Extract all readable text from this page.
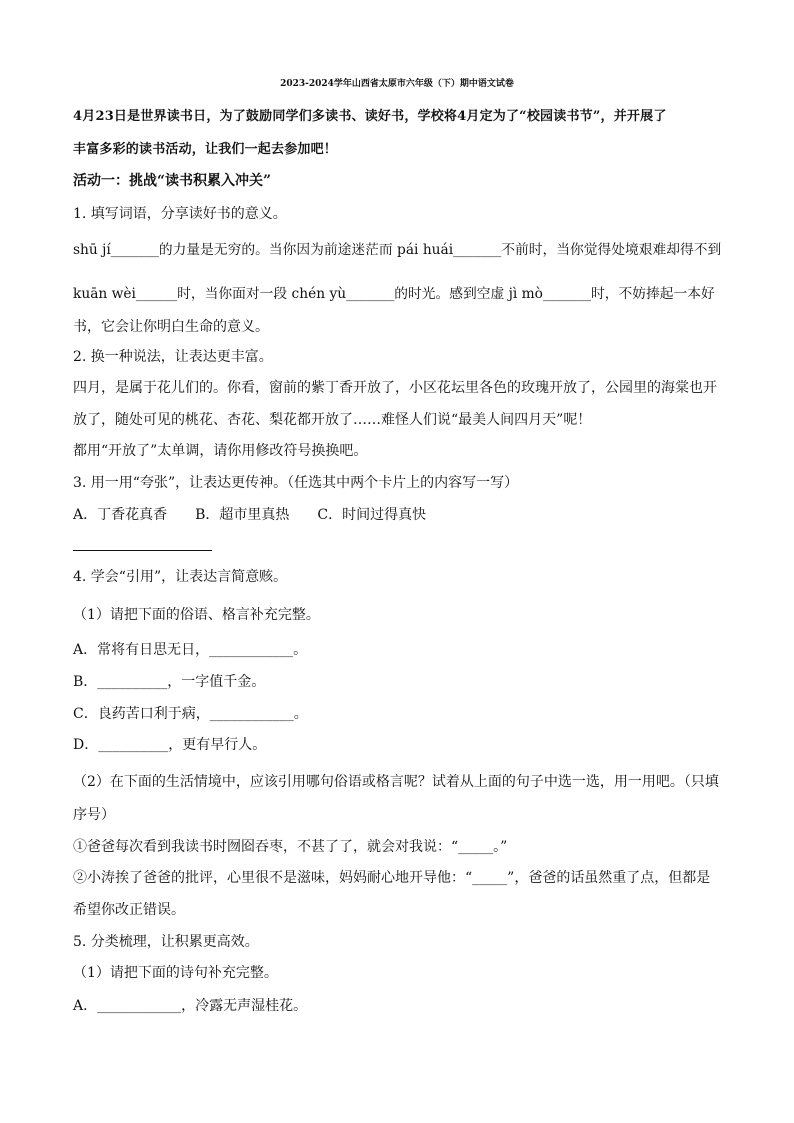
2023-2024学年山西省太原市六年级（下）期中语文试卷
4月23日是世界读书日，为了鼓励同学们多读书、读好书，学校将4月定为了“校园读书节”，并开展了
丰富多彩的读书活动，让我们一起去参加吧！
活动一：挑战“读书积累入冲关”
1. 填写词语，分享读好书的意义。
shū jí_______的力量是无穷的。当你因为前途迷茫而 pái huái_______不前时，当你觉得处境艰难却得不到
kuān wèi______时，当你面对一段 chén yù_______的时光。感到空虚 jì mò_______时，不妨捧起一本好
书，它会让你明白生命的意义。
2. 换一种说法，让表达更丰富。
四月，是属于花儿们的。你看，窗前的紫丁香开放了，小区花坛里各色的玫瑰开放了，公园里的海棠也开
放了，随处可见的桃花、杏花、梨花都开放了……难怪人们说“最美人间四月天”呢！
都用“开放了”太单调，请你用修改符号换换吧。
3. 用一用“夸张”，让表达更传神。（任选其中两个卡片上的内容写一写）
A．丁香花真香　　B．超市里真热　　C．时间过得真快
4. 学会“引用”，让表达言简意赅。
（1）请把下面的俗语、格言补充完整。
A．常将有日思无日，____________。
B．__________，一字值千金。
C．良药苦口利于病，____________。
D．__________，更有早行人。
（2）在下面的生活情境中，应该引用哪句俗语或格言呢？试着从上面的句子中选一选，用一用吧。（只填
序号）
①爸爸每次看到我读书时囫囵吞枣，不甚了了，就会对我说：“_____。”
②小涛挨了爸爸的批评，心里很不是滋味，妈妈耐心地开导他：“_____”，爸爸的话虽然重了点，但都是
希望你改正错误。
5. 分类梳理，让积累更高效。
（1）请把下面的诗句补充完整。
A．____________，冷露无声湿桂花。
